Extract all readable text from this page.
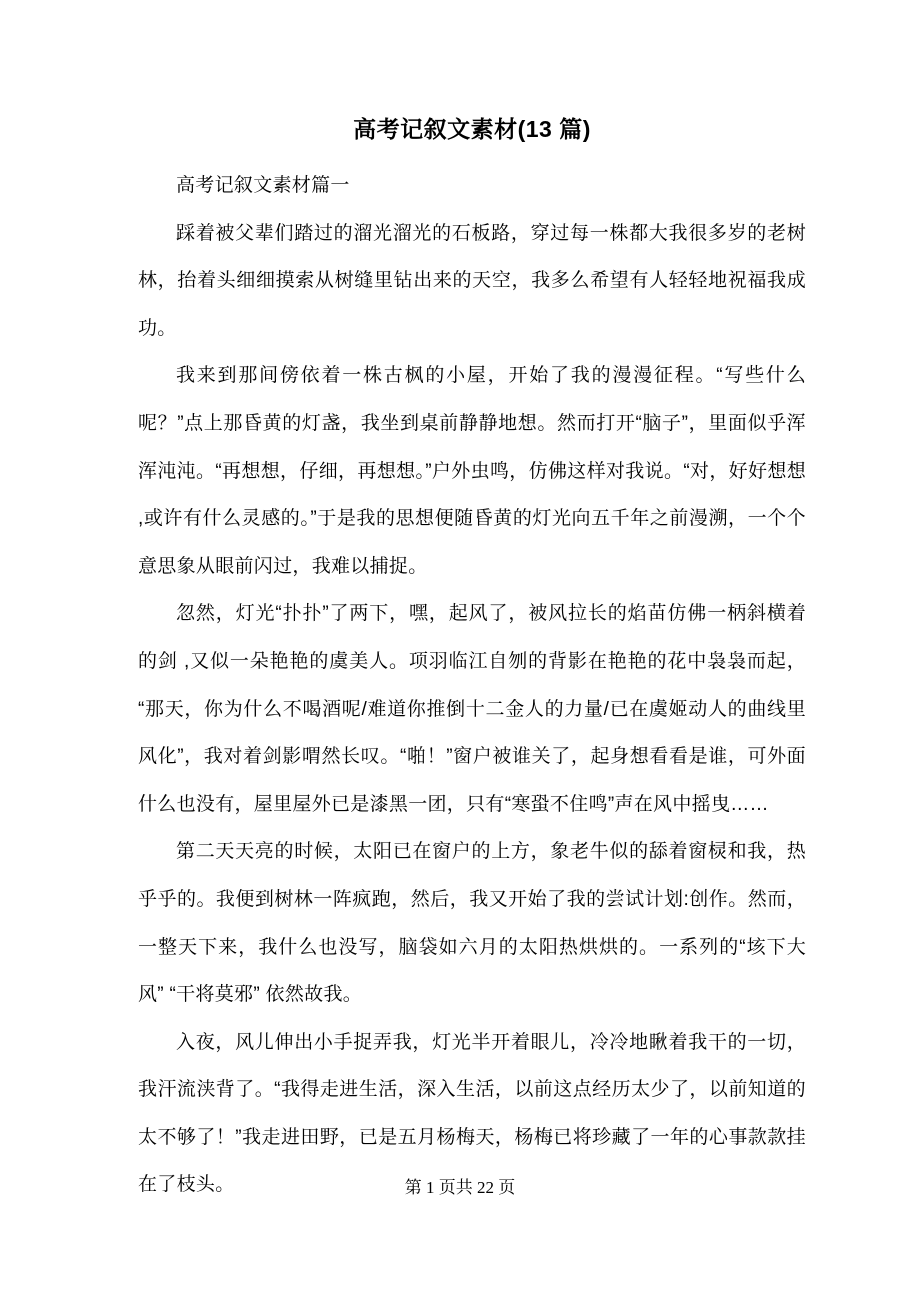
高考记叙文素材(13 篇)

高考记叙文素材篇一

踩着被父辈们踏过的溜光溜光的石板路，穿过每一株都大我很多岁的老树林，抬着头细细摸索从树缝里钻出来的天空，我多么希望有人轻轻地祝福我成功。

我来到那间傍依着一株古枫的小屋，开始了我的漫漫征程。“写些什么呢？”点上那昏黄的灯盏，我坐到桌前静静地想。然而打开“脑子”，里面似乎浑浑沌沌。“再想想，仔细，再想想。”户外虫鸣，仿佛这样对我说。“对，好好想想 ,或许有什么灵感的。”于是我的思想便随昏黄的灯光向五千年之前漫溯，一个个意思象从眼前闪过，我难以捕捉。

忽然，灯光“扑扑”了两下，嘿，起风了，被风拉长的焰苗仿佛一柄斜横着的剑 ,又似一朵艳艳的虞美人。项羽临江自刎的背影在艳艳的花中袅袅而起，“那天，你为什么不喝酒呢/难道你推倒十二金人的力量/已在虞姬动人的曲线里风化”，我对着剑影喟然长叹。“啪！”窗户被谁关了，起身想看看是谁，可外面什么也没有，屋里屋外已是漆黑一团，只有“寒蛩不住鸣”声在风中摇曳……

第二天天亮的时候，太阳已在窗户的上方，象老牛似的舔着窗棂和我，热乎乎的。我便到树林一阵疯跑，然后，我又开始了我的尝试计划:创作。然而，一整天下来，我什么也没写，脑袋如六月的太阳热烘烘的。一系列的“垓下大风” “干将莫邪” 依然故我。

入夜，风儿伸出小手捉弄我，灯光半开着眼儿，冷冷地瞅着我干的一切，我汗流浃背了。“我得走进生活，深入生活，以前这点经历太少了，以前知道的太不够了！”我走进田野，已是五月杨梅天，杨梅已将珍藏了一年的心事款款挂在了枝头。	第 1 页共 22 页
